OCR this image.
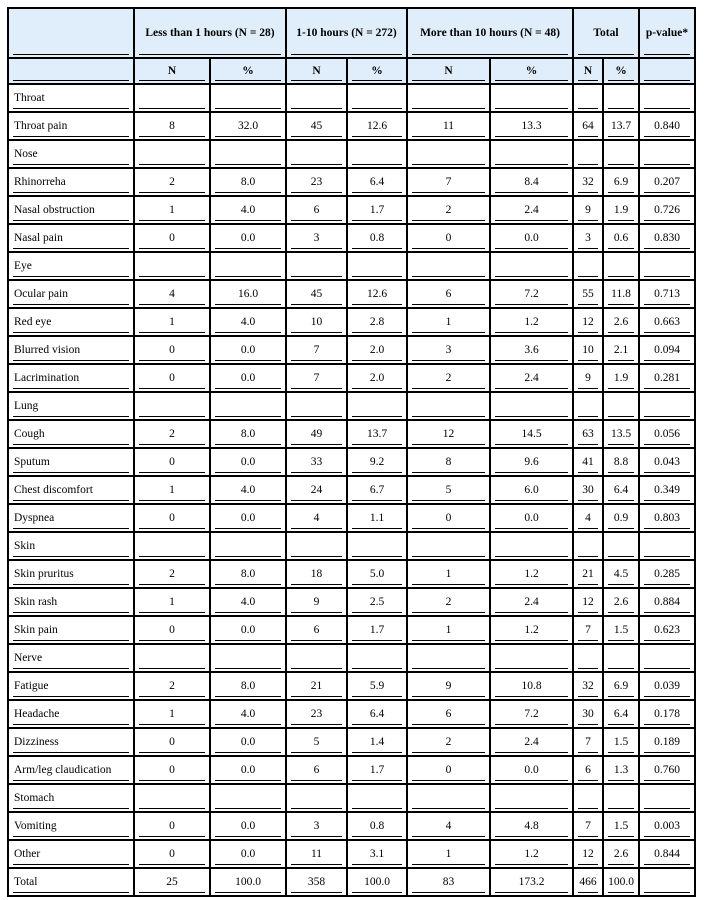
	Less than 1 hours (N = 28)		1-10 hours (N = 272)		More than 10 hours (N = 48)		Total		p-value*
	N	%	N	%	N	%	N	%	
Throat									
Throat pain	8	32.0	45	12.6	11	13.3	64	13.7	0.840
Nose									
Rhinorreha	2	8.0	23	6.4	7	8.4	32	6.9	0.207
Nasal obstruction	1	4.0	6	1.7	2	2.4	9	1.9	0.726
Nasal pain	0	0.0	3	0.8	0	0.0	3	0.6	0.830
Eye									
Ocular pain	4	16.0	45	12.6	6	7.2	55	11.8	0.713
Red eye	1	4.0	10	2.8	1	1.2	12	2.6	0.663
Blurred vision	0	0.0	7	2.0	3	3.6	10	2.1	0.094
Lacrimination	0	0.0	7	2.0	2	2.4	9	1.9	0.281
Lung									
Cough	2	8.0	49	13.7	12	14.5	63	13.5	0.056
Sputum	0	0.0	33	9.2	8	9.6	41	8.8	0.043
Chest discomfort	1	4.0	24	6.7	5	6.0	30	6.4	0.349
Dyspnea	0	0.0	4	1.1	0	0.0	4	0.9	0.803
Skin									
Skin pruritus	2	8.0	18	5.0	1	1.2	21	4.5	0.285
Skin rash	1	4.0	9	2.5	2	2.4	12	2.6	0.884
Skin pain	0	0.0	6	1.7	1	1.2	7	1.5	0.623
Nerve									
Fatigue	2	8.0	21	5.9	9	10.8	32	6.9	0.039
Headache	1	4.0	23	6.4	6	7.2	30	6.4	0.178
Dizziness	0	0.0	5	1.4	2	2.4	7	1.5	0.189
Arm/leg claudication	0	0.0	6	1.7	0	0.0	6	1.3	0.760
Stomach									
Vomiting	0	0.0	3	0.8	4	4.8	7	1.5	0.003
Other	0	0.0	11	3.1	1	1.2	12	2.6	0.844
Total	25	100.0	358	100.0	83	173.2	466	100.0	
